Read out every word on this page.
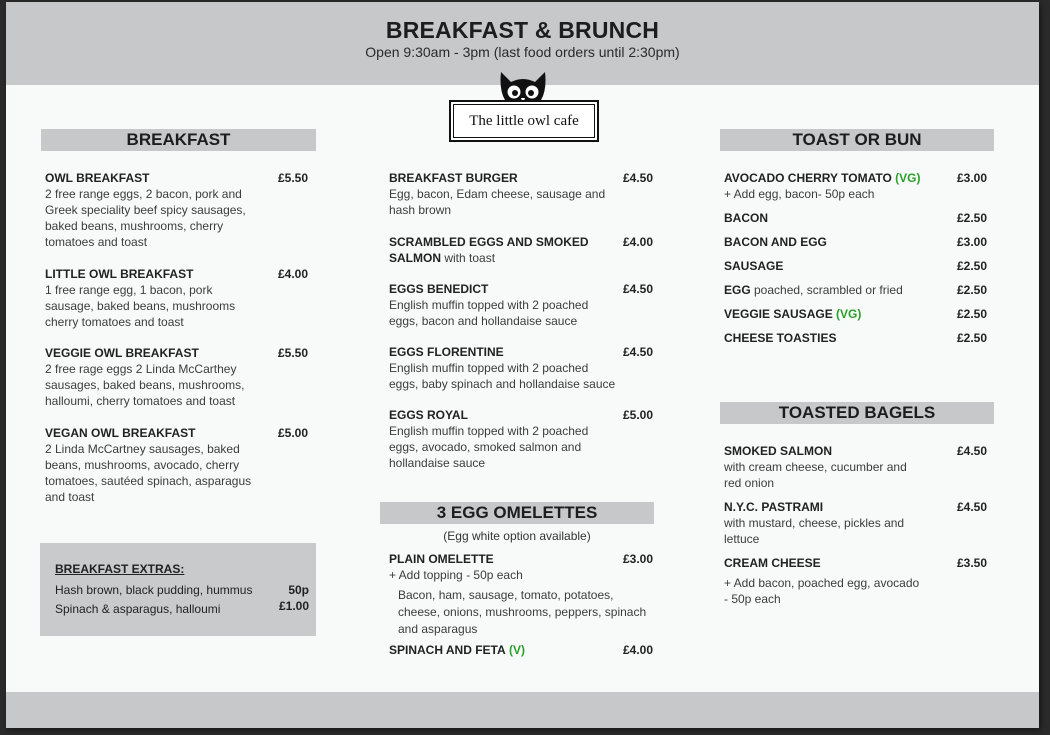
BREAKFAST & BRUNCH
Open 9:30am - 3pm (last food orders until 2:30pm)
The little owl cafe
BREAKFAST
OWL BREAKFAST
2 free range eggs, 2 bacon, pork and
Greek speciality beef spicy sausages,
baked beans, mushrooms, cherry
tomatoes and toast
£5.50
LITTLE OWL BREAKFAST
1 free range egg, 1 bacon, pork
sausage, baked beans, mushrooms
cherry tomatoes and toast
£4.00
VEGGIE OWL BREAKFAST
2 free rage eggs 2 Linda McCarthey
sausages, baked beans, mushrooms,
halloumi, cherry tomatoes and toast
£5.50
VEGAN OWL BREAKFAST
2 Linda McCartney sausages, baked
beans, mushrooms, avocado, cherry
tomatoes, sautéed spinach, asparagus
and toast
£5.00
BREAKFAST EXTRAS:
Hash brown, black pudding, hummus	50p
Spinach & asparagus, halloumi	£1.00
BREAKFAST BURGER
Egg, bacon, Edam cheese, sausage and
hash brown
£4.50
SCRAMBLED EGGS AND SMOKED
SALMON with toast
£4.00
EGGS BENEDICT
English muffin topped with 2 poached
eggs, bacon and hollandaise sauce
£4.50
EGGS FLORENTINE
English muffin topped with 2 poached
eggs, baby spinach and hollandaise sauce
£4.50
EGGS ROYAL
English muffin topped with 2 poached
eggs, avocado, smoked salmon and
hollandaise sauce
£5.00
3 EGG OMELETTES
(Egg white option available)
PLAIN OMELETTE
+ Add topping - 50p each
£3.00
Bacon, ham, sausage, tomato, potatoes,
cheese, onions, mushrooms, peppers, spinach
and asparagus
SPINACH AND FETA (V)	£4.00
TOAST OR BUN
AVOCADO CHERRY TOMATO (VG)
+ Add egg, bacon- 50p each
£3.00
BACON	£2.50
BACON AND EGG	£3.00
SAUSAGE	£2.50
EGG poached, scrambled or fried	£2.50
VEGGIE SAUSAGE (VG)	£2.50
CHEESE TOASTIES	£2.50
TOASTED BAGELS
SMOKED SALMON
with cream cheese, cucumber and
red onion
£4.50
N.Y.C. PASTRAMI
with mustard, cheese, pickles and
lettuce
£4.50
CREAM CHEESE
+ Add bacon, poached egg, avocado
- 50p each
£3.50
